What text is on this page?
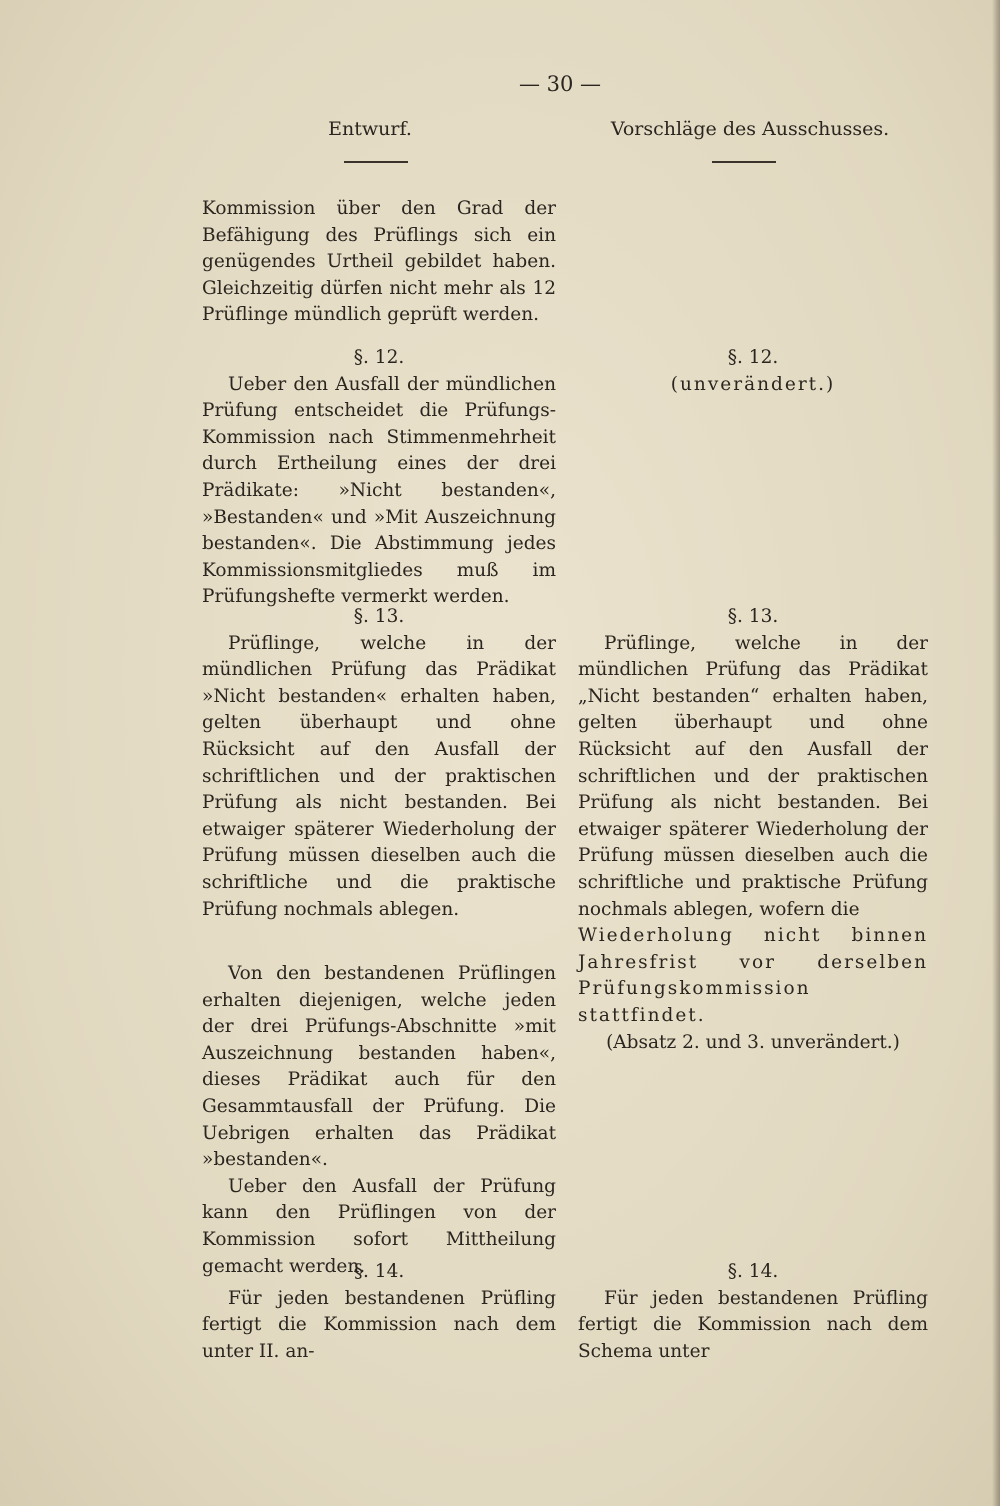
— 30 —
Entwurf.	Vorschläge des Ausschusses.

Kommission über den Grad der Befähigung des Prüflings sich ein genügendes Urtheil gebildet haben. Gleichzeitig dürfen nicht mehr als 12 Prüflinge mündlich geprüft werden.

§. 12.

Ueber den Ausfall der mündlichen Prüfung entscheidet die Prüfungs-Kommission nach Stimmenmehrheit durch Ertheilung eines der drei Prädikate: »Nicht bestanden«, »Bestanden« und »Mit Auszeichnung bestanden«. Die Abstimmung jedes Kommissionsmitgliedes muß im Prüfungshefte vermerkt werden.

§. 13.

Prüflinge, welche in der mündlichen Prüfung das Prädikat »Nicht bestanden« erhalten haben, gelten überhaupt und ohne Rücksicht auf den Ausfall der schriftlichen und der praktischen Prüfung als nicht bestanden. Bei etwaiger späterer Wiederholung der Prüfung müssen dieselben auch die schriftliche und die praktische Prüfung nochmals ablegen.

Von den bestandenen Prüflingen erhalten diejenigen, welche jeden der drei Prüfungs-Abschnitte »mit Auszeichnung bestanden haben«, dieses Prädikat auch für den Gesammtausfall der Prüfung. Die Uebrigen erhalten das Prädikat »bestanden«.

Ueber den Ausfall der Prüfung kann den Prüflingen von der Kommission sofort Mittheilung gemacht werden.

§. 14.

Für jeden bestandenen Prüfling fertigt die Kommission nach dem unter II. an-

§. 12.

(unverändert.)

§. 13.

Prüflinge, welche in der mündlichen Prüfung das Prädikat „Nicht bestanden“ erhalten haben, gelten überhaupt und ohne Rücksicht auf den Ausfall der schriftlichen und der praktischen Prüfung als nicht bestanden. Bei etwaiger späterer Wiederholung der Prüfung müssen dieselben auch die schriftliche und praktische Prüfung nochmals ablegen, wofern die

Wiederholung nicht binnen Jahresfrist vor derselben Prüfungskommission stattfindet.

(Absatz 2. und 3. unverändert.)

§. 14.

Für jeden bestandenen Prüfling fertigt die Kommission nach dem Schema unter
